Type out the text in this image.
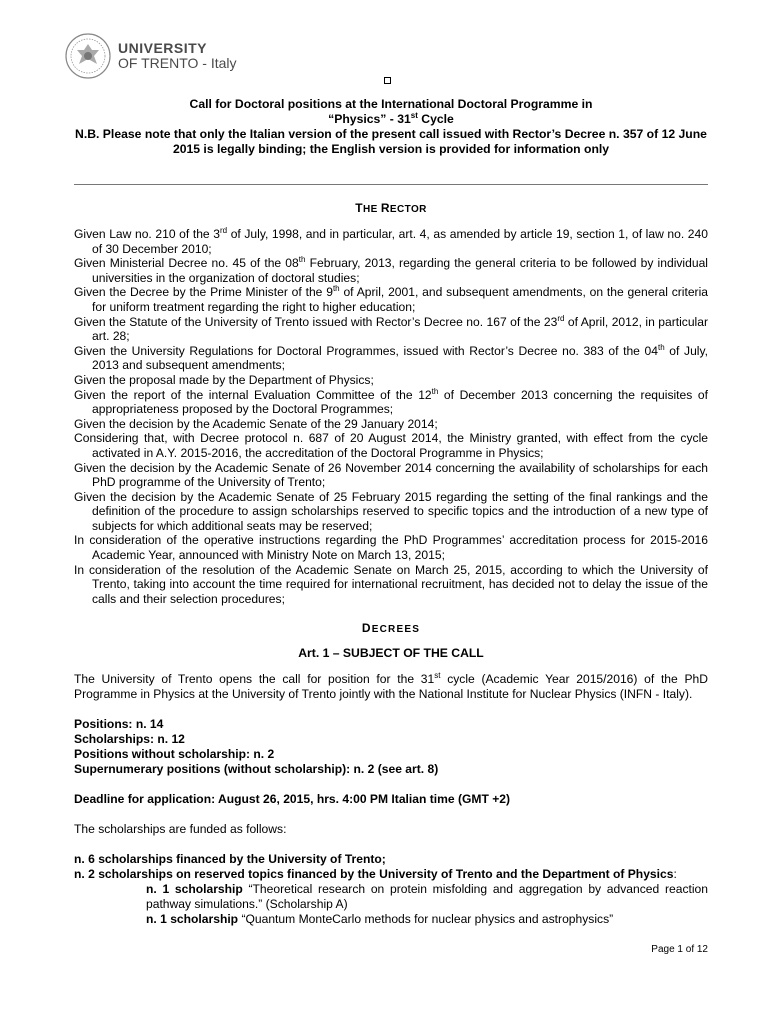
UNIVERSITY
OF TRENTO - Italy

Call for Doctoral positions at the International Doctoral Programme in

“Physics” - 31st Cycle

N.B. Please note that only the Italian version of the present call issued with Rector’s Decree n. 357 of 12 June 2015 is legally binding; the English version is provided for information only

THE RECTOR

Given Law no. 210 of the 3rd of July, 1998, and in particular, art. 4, as amended by article 19, section 1, of law no. 240 of 30 December 2010;

Given Ministerial Decree no. 45 of the 08th February, 2013, regarding the general criteria to be followed by individual universities in the organization of doctoral studies;

Given the Decree by the Prime Minister of the 9th of April, 2001, and subsequent amendments, on the general criteria for uniform treatment regarding the right to higher education;

Given the Statute of the University of Trento issued with Rector’s Decree no. 167 of the 23rd of April, 2012, in particular art. 28;

Given the University Regulations for Doctoral Programmes, issued with Rector’s Decree no. 383 of the 04th of July, 2013 and subsequent amendments;

Given the proposal made by the Department of Physics;

Given the report of the internal Evaluation Committee of the 12th of December 2013 concerning the requisites of appropriateness proposed by the Doctoral Programmes;

Given the decision by the Academic Senate of the 29 January 2014;

Considering that, with Decree protocol n. 687 of 20 August 2014, the Ministry granted, with effect from the cycle activated in A.Y. 2015-2016, the accreditation of the Doctoral Programme in Physics;

Given the decision by the Academic Senate of 26 November 2014 concerning the availability of scholarships for each PhD programme of the University of Trento;

Given the decision by the Academic Senate of 25 February 2015 regarding the setting of the final rankings and the definition of the procedure to assign scholarships reserved to specific topics and the introduction of a new type of subjects for which additional seats may be reserved;

In consideration of the operative instructions regarding the PhD Programmes’ accreditation process for 2015-2016 Academic Year, announced with Ministry Note on March 13, 2015;

In consideration of the resolution of the Academic Senate on March 25, 2015, according to which the University of Trento, taking into account the time required for international recruitment, has decided not to delay the issue of the calls and their selection procedures;

DECREES
Art. 1 – SUBJECT OF THE CALL

The University of Trento opens the call for position for the 31st cycle (Academic Year 2015/2016) of the PhD Programme in Physics at the University of Trento jointly with the National Institute for Nuclear Physics (INFN - Italy).

Positions: n. 14

Scholarships: n. 12

Positions without scholarship: n. 2

Supernumerary positions (without scholarship): n. 2 (see art. 8)

Deadline for application: August 26, 2015, hrs. 4:00 PM Italian time (GMT +2)

The scholarships are funded as follows:

n. 6 scholarships financed by the University of Trento;

n. 2 scholarships on reserved topics financed by the University of Trento and the Department of Physics:

n. 1 scholarship “Theoretical research on protein misfolding and aggregation by advanced reaction pathway simulations.” (Scholarship A)

n. 1 scholarship “Quantum MonteCarlo methods for nuclear physics and astrophysics”

Page 1 of 12
